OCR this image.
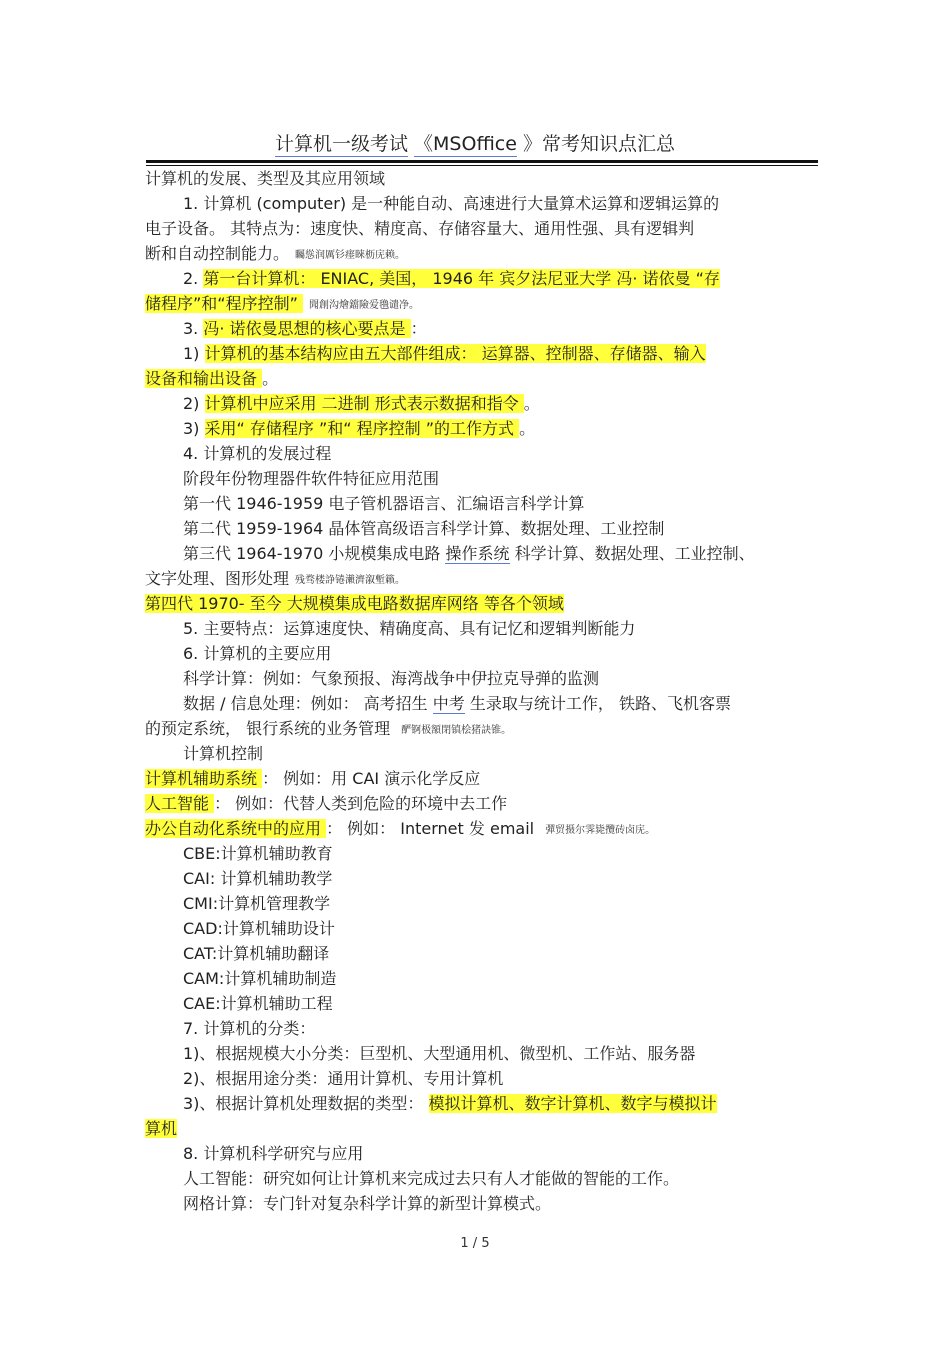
计算机一级考试 《MSOffice 》常考知识点汇总
计算机的发展、类型及其应用领域
1. 计算机 (computer) 是一种能自动、高速进行大量算术运算和逻辑运算的
电子设备。 其特点为：速度快、精度高、存储容量大、通用性强、具有逻辑判
断和自动控制能力。 矚慫润厲钐瘗睞枥庑赖。
2. 第一台计算机： ENIAC, 美国， 1946 年 宾夕法尼亚大学 冯· 诺依曼 “存
储程序”和“程序控制” 聞創沟燴鐺險爱氇谴净。
3. 冯· 诺依曼思想的核心要点是 ：
1) 计算机的基本结构应由五大部件组成： 运算器、控制器、存储器、输入
设备和输出设备 。
2) 计算机中应采用 二进制 形式表示数据和指令 。
3) 采用“ 存储程序 ”和“ 程序控制 ”的工作方式 。
4. 计算机的发展过程
阶段年份物理器件软件特征应用范围
第一代 1946-1959 电子管机器语言、汇编语言科学计算
第二代 1959-1964 晶体管高级语言科学计算、数据处理、工业控制
第三代 1964-1970 小规模集成电路 操作系统 科学计算、数据处理、工业控制、
文字处理、图形处理 残骛楼諍锩瀨濟溆塹籟。
第四代 1970- 至今 大规模集成电路数据库网络 等各个领域
5. 主要特点：运算速度快、精确度高、具有记忆和逻辑判断能力
6. 计算机的主要应用
科学计算：例如：气象预报、海湾战争中伊拉克导弹的监测
数据 / 信息处理：例如： 高考招生 中考 生录取与统计工作， 铁路、飞机客票
的预定系统， 银行系统的业务管理 酽锕极額閉镇桧猪訣锥。
计算机控制
计算机辅助系统 ： 例如：用 CAI 演示化学反应
人工智能 ： 例如：代替人类到危险的环境中去工作
办公自动化系统中的应用 ： 例如： Internet 发 email 彈贸摄尔霁毙攬砖卤庑。
CBE:计算机辅助教育
CAI: 计算机辅助教学
CMI:计算机管理教学
CAD:计算机辅助设计
CAT:计算机辅助翻译
CAM:计算机辅助制造
CAE:计算机辅助工程
7. 计算机的分类：
1)、根据规模大小分类：巨型机、大型通用机、微型机、工作站、服务器
2)、根据用途分类：通用计算机、专用计算机
3)、根据计算机处理数据的类型： 模拟计算机、数字计算机、数字与模拟计
算机
8. 计算机科学研究与应用
人工智能：研究如何让计算机来完成过去只有人才能做的智能的工作。
网格计算：专门针对复杂科学计算的新型计算模式。
1 / 5
